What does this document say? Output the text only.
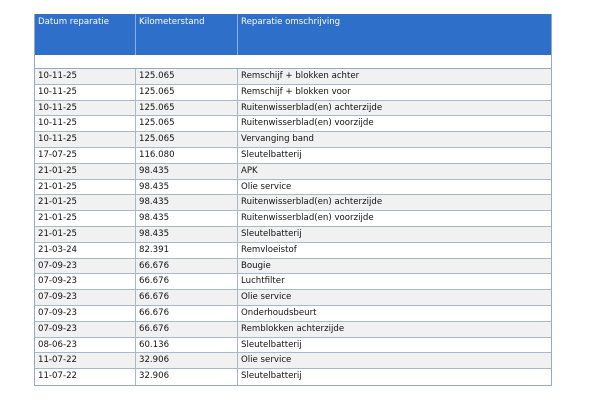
Datum reparatie	Kilometerstand	Reparatie omschrijving
10-11-25	125.065	Remschijf + blokken achter
10-11-25	125.065	Remschijf + blokken voor
10-11-25	125.065	Ruitenwisserblad(en) achterzijde
10-11-25	125.065	Ruitenwisserblad(en) voorzijde
10-11-25	125.065	Vervanging band
17-07-25	116.080	Sleutelbatterij
21-01-25	98.435	APK
21-01-25	98.435	Olie service
21-01-25	98.435	Ruitenwisserblad(en) achterzijde
21-01-25	98.435	Ruitenwisserblad(en) voorzijde
21-01-25	98.435	Sleutelbatterij
21-03-24	82.391	Remvloeistof
07-09-23	66.676	Bougie
07-09-23	66.676	Luchtfilter
07-09-23	66.676	Olie service
07-09-23	66.676	Onderhoudsbeurt
07-09-23	66.676	Remblokken achterzijde
08-06-23	60.136	Sleutelbatterij
11-07-22	32.906	Olie service
11-07-22	32.906	Sleutelbatterij
